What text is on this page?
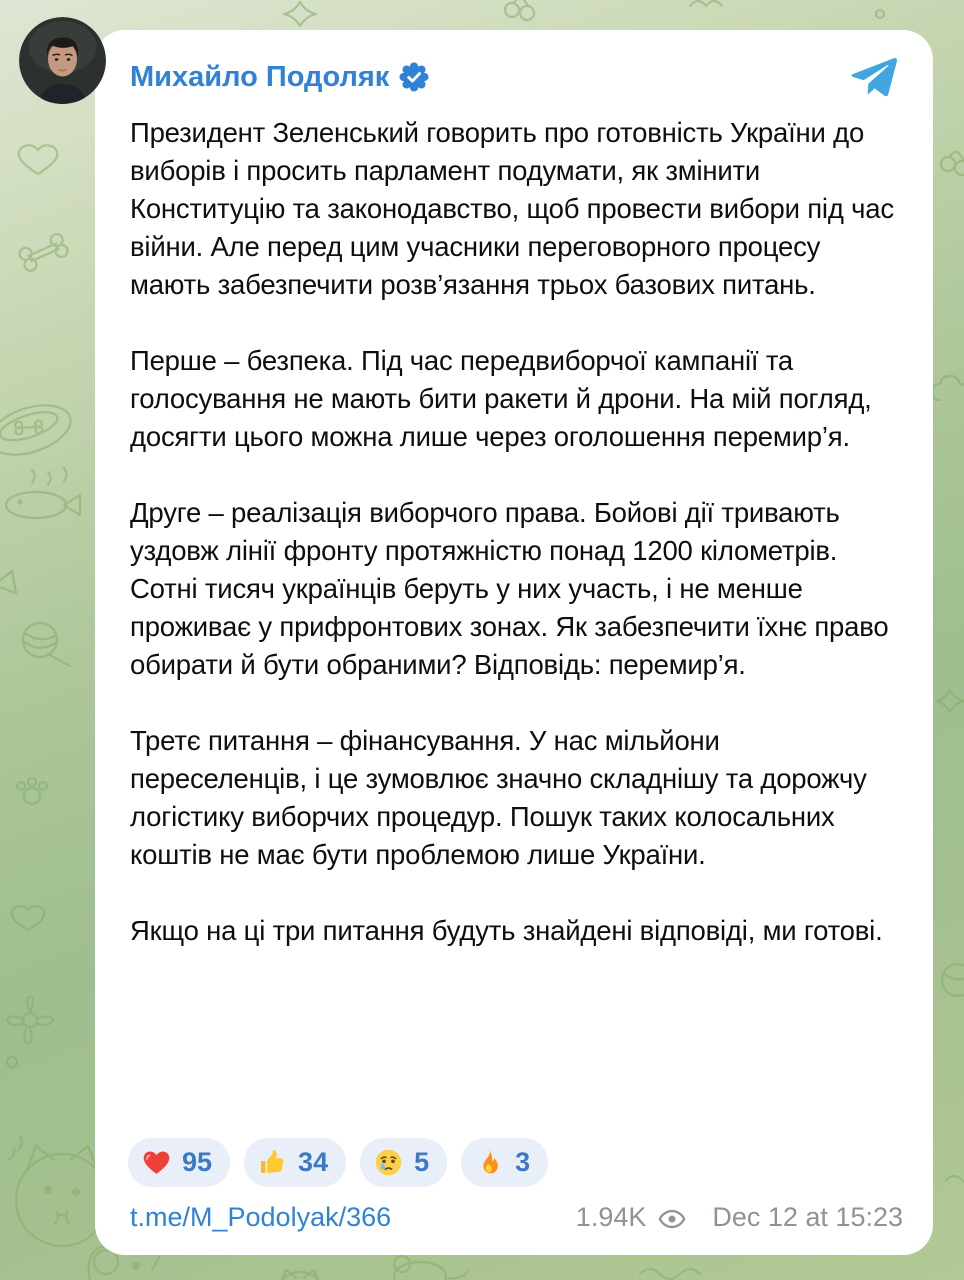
Михайло Подоляк

Президент Зеленський говорить про готовність України до виборів і просить парламент подумати, як змінити Конституцію та законодавство, щоб провести вибори під час війни. Але перед цим учасники переговорного процесу мають забезпечити розв’язання трьох базових питань.

Перше – безпека. Під час передвиборчої кампанії та голосування не мають бити ракети й дрони. На мій погляд, досягти цього можна лише через оголошення перемир’я.

Друге – реалізація виборчого права. Бойові дії тривають уздовж лінії фронту протяжністю понад 1200 кілометрів. Сотні тисяч українців беруть у них участь, і не менше проживає у прифронтових зонах. Як забезпечити їхнє право обирати й бути обраними? Відповідь: перемир’я.

Третє питання – фінансування. У нас мільйони переселенців, і це зумовлює значно складнішу та дорожчу логістику виборчих процедур. Пошук таких колосальних коштів не має бути проблемою лише України.

Якщо на ці три питання будуть знайдені відповіді, ми готові.

95	34	5	3
t.me/M_Podolyak/366	1.94K Dec 12 at 15:23
